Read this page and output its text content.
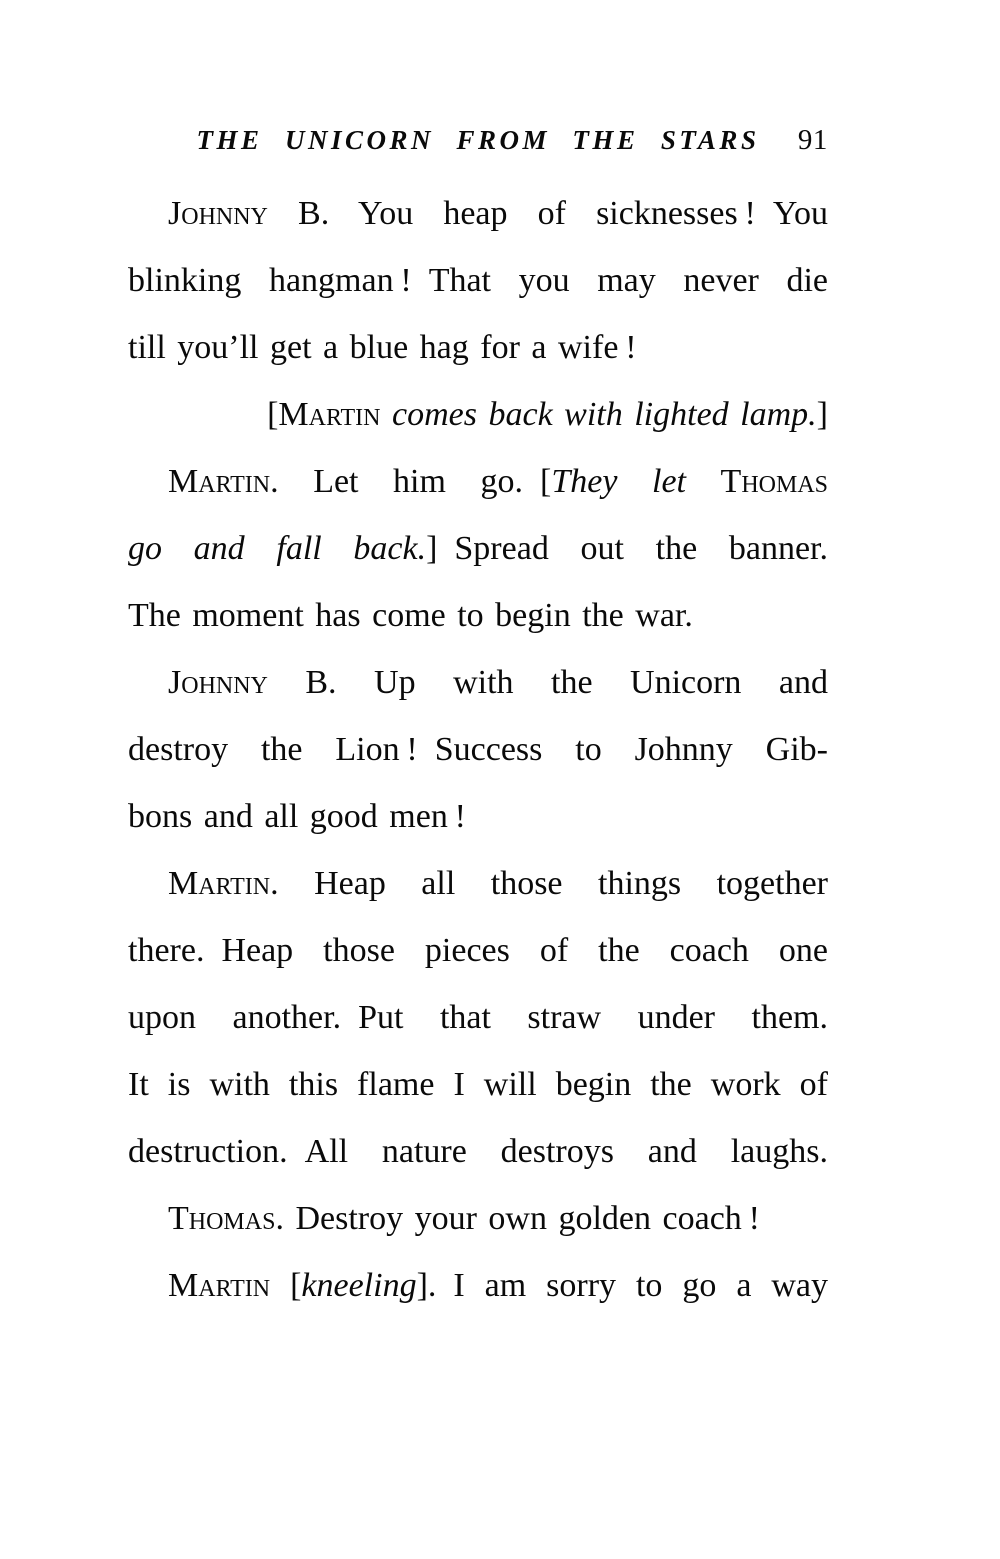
THE UNICORN FROM THE STARS 91
Johnny B. You heap of sicknesses ! You
blinking hangman ! That you may never die
till you’ll get a blue hag for a wife !
[Martin comes back with lighted lamp.]
Martin. Let him go. [They let Thomas
go and fall back.] Spread out the banner.
The moment has come to begin the war.
Johnny B. Up with the Unicorn and
destroy the Lion ! Success to Johnny Gib-
bons and all good men !
Martin. Heap all those things together
there. Heap those pieces of the coach one
upon another. Put that straw under them.
It is with this flame I will begin the work of
destruction. All nature destroys and laughs.
Thomas. Destroy your own golden coach !
Martin [kneeling]. I am sorry to go a way
